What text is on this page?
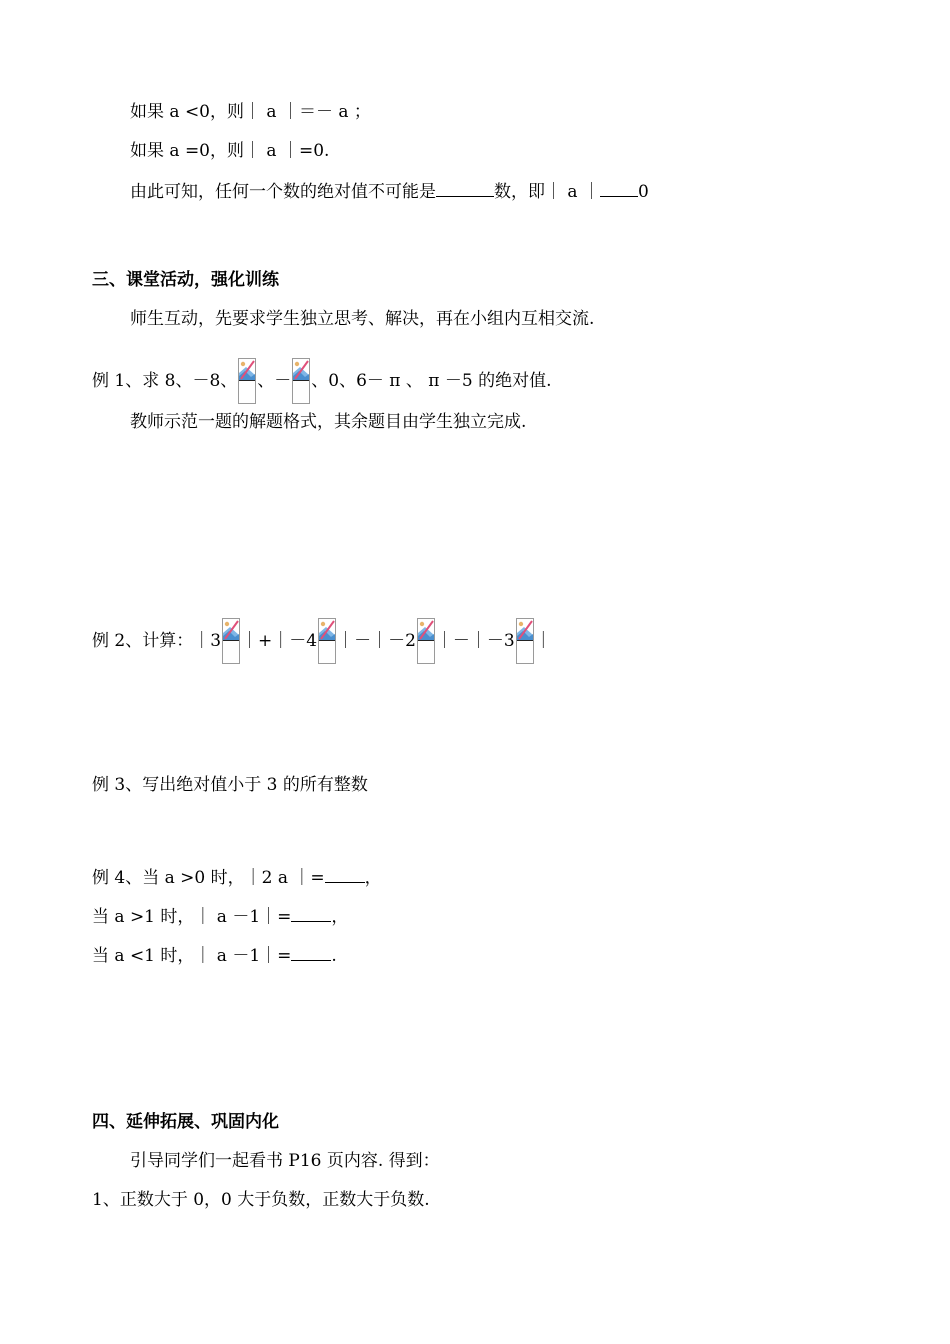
如果 a <0，则｜ a ｜＝－ a ；
如果 a =0，则｜ a ｜=0.
由此可知，任何一个数的绝对值不可能是	数，即｜ a ｜ 0
三、课堂活动，强化训练
师生互动，先要求学生独立思考、解决，再在小组内互相交流.
例 1、求 8、－8、 、－ 、0、6－ π 、 π －5 的绝对值.
教师示范一题的解题格式，其余题目由学生独立完成.
例 2、计算：｜3 ｜+｜－4 ｜－｜－2 ｜－｜－3 ｜
例 3、写出绝对值小于 3 的所有整数
例 4、当 a >0 时，｜2 a ｜= ，
当 a >1 时，｜ a －1｜= ，
当 a <1 时，｜ a －1｜= .
四、延伸拓展、巩固内化
引导同学们一起看书 P16 页内容. 得到：
1、正数大于 0，0 大于负数，正数大于负数.
